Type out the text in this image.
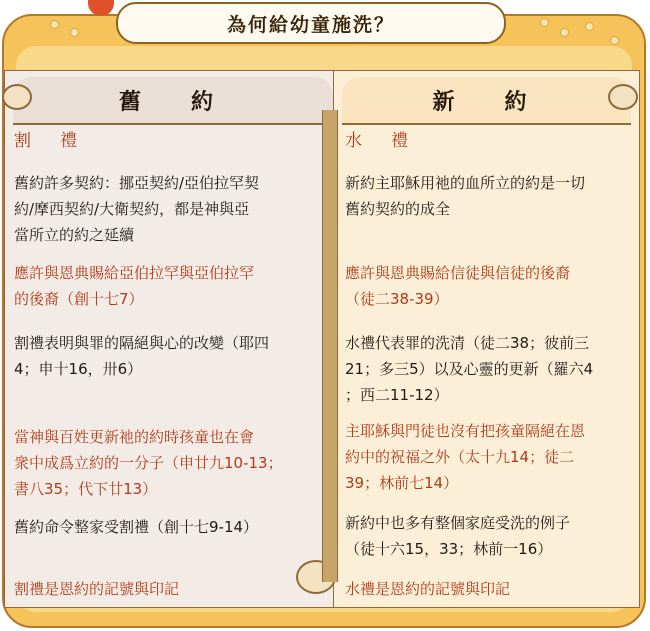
為何給幼童施洗？
舊　約	新　約
割　禮
舊約許多契約：挪亞契約/亞伯拉罕契
約/摩西契約/大衛契約，都是神與亞
當所立的約之延續
應許與恩典賜給亞伯拉罕與亞伯拉罕
的後裔（創十七7）
割禮表明與罪的隔絕與心的改變（耶四
4；申十16，卅6）
當神與百姓更新祂的約時孩童也在會
衆中成爲立約的一分子（申廿九10-13；
書八35；代下廿13）
舊約命令整家受割禮（創十七9-14）
割禮是恩約的記號與印記
水　禮
新約主耶穌用祂的血所立的約是一切
舊約契約的成全
應許與恩典賜給信徒與信徒的後裔
（徒二38-39）
水禮代表罪的洗清（徒二38；彼前三
21；多三5）以及心靈的更新（羅六4
；西二11-12）
主耶穌與門徒也沒有把孩童隔絕在恩
約中的祝福之外（太十九14；徒二
39；林前七14）
新約中也多有整個家庭受洗的例子
（徒十六15，33；林前一16）
水禮是恩約的記號與印記
